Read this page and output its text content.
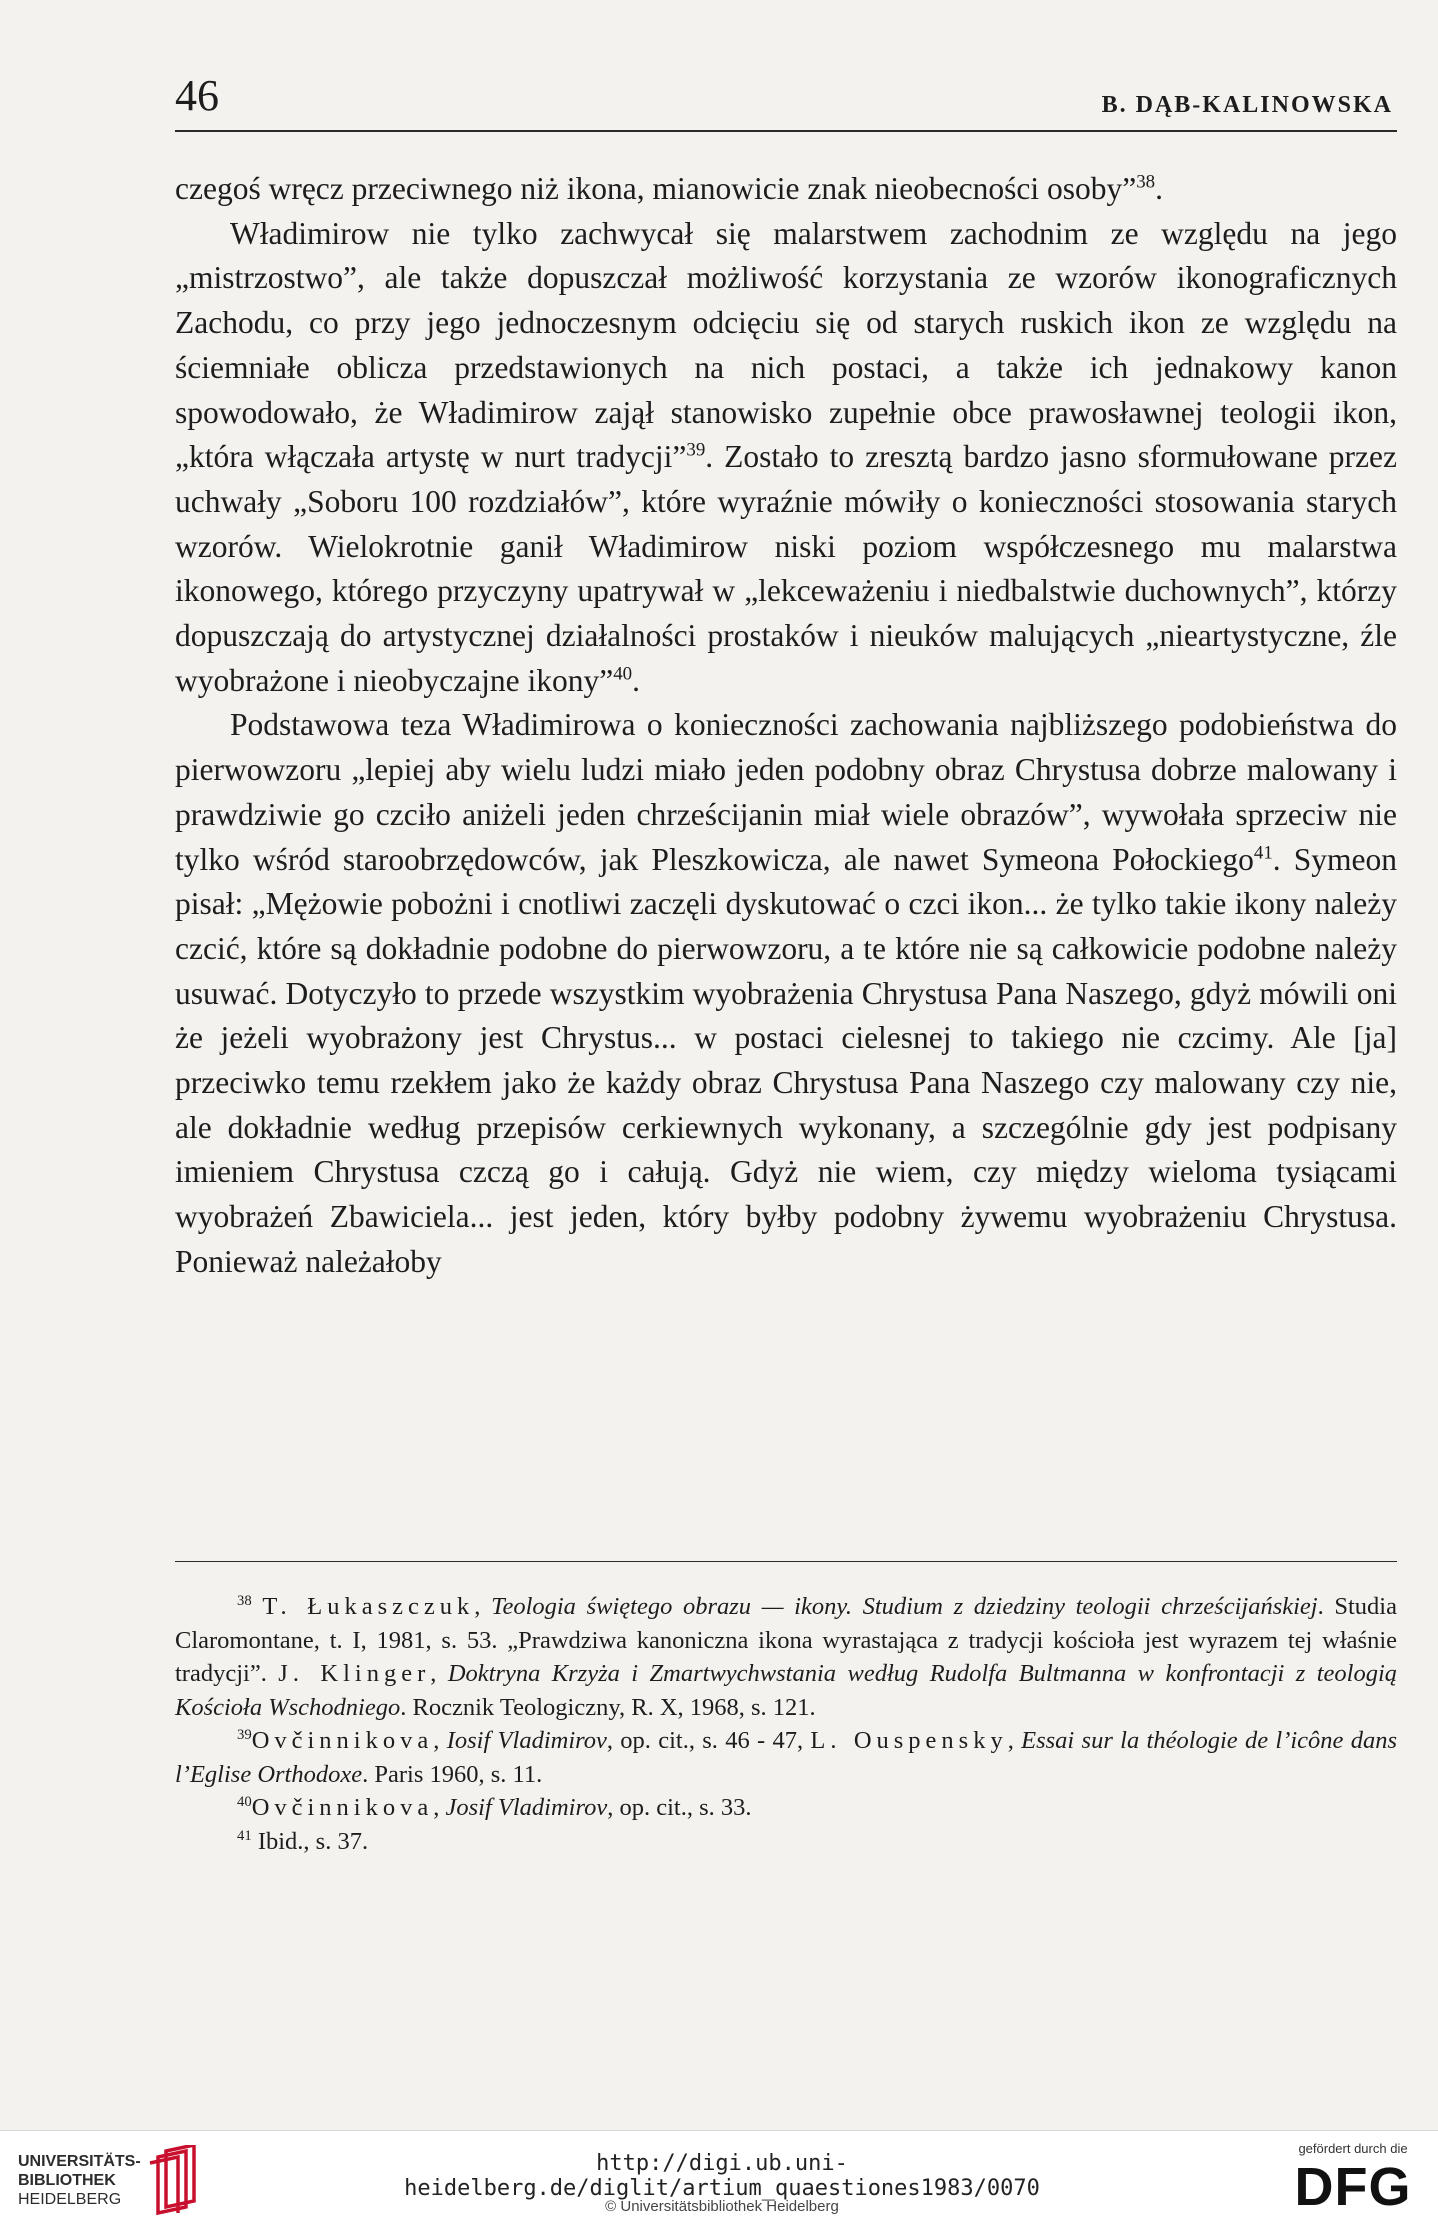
46	B. DĄB-KALINOWSKA

czegoś wręcz przeciwnego niż ikona, mianowicie znak nieobecności osoby”$^{38}$.

Władimirow nie tylko zachwycał się malarstwem zachodnim ze względu na jego „mistrzostwo”, ale także dopuszczał możliwość korzystania ze wzorów ikonograficznych Zachodu, co przy jego jednoczesnym odcięciu się od starych ruskich ikon ze względu na ściemniałe oblicza przedstawionych na nich postaci, a także ich jednakowy kanon spowodowało, że Władimirow zajął stanowisko zupełnie obce prawosławnej teologii ikon, „która włączała artystę w nurt tradycji”$^{39}$. Zostało to zresztą bardzo jasno sformułowane przez uchwały „Soboru 100 rozdziałów”, które wyraźnie mówiły o konieczności stosowania starych wzorów. Wielokrotnie ganił Władimirow niski poziom współczesnego mu malarstwa ikonowego, którego przyczyny upatrywał w „lekceważeniu i niedbalstwie duchownych”, którzy dopuszczają do artystycznej działalności prostaków i nieuków malujących „nieartystyczne, źle wyobrażone i nieobyczajne ikony”$^{40}$.

Podstawowa teza Władimirowa o konieczności zachowania najbliższego podobieństwa do pierwowzoru „lepiej aby wielu ludzi miało jeden podobny obraz Chrystusa dobrze malowany i prawdziwie go czciło aniżeli jeden chrześcijanin miał wiele obrazów”, wywołała sprzeciw nie tylko wśród staroobrzędowców, jak Pleszkowicza, ale nawet Symeona Połockiego$^{41}$. Symeon pisał: „Mężowie pobożni i cnotliwi zaczęli dyskutować o czci ikon... że tylko takie ikony należy czcić, które są dokładnie podobne do pierwowzoru, a te które nie są całkowicie podobne należy usuwać. Dotyczyło to przede wszystkim wyobrażenia Chrystusa Pana Naszego, gdyż mówili oni że jeżeli wyobrażony jest Chrystus... w postaci cielesnej to takiego nie czcimy. Ale [ja] przeciwko temu rzekłem jako że każdy obraz Chrystusa Pana Naszego czy malowany czy nie, ale dokładnie według przepisów cerkiewnych wykonany, a szczególnie gdy jest podpisany imieniem Chrystusa czczą go i całują. Gdyż nie wiem, czy między wieloma tysiącami wyobrażeń Zbawiciela... jest jeden, który byłby podobny żywemu wyobrażeniu Chrystusa. Ponieważ należałoby

$^{38}$ T. Łukaszczuk, Teologia świętego obrazu — ikony. Studium z dziedziny teologii chrześcijańskiej. Studia Claromontane, t. I, 1981, s. 53. „Prawdziwa kanoniczna ikona wyrastająca z tradycji kościoła jest wyrazem tej właśnie tradycji”. J. Klinger, Doktryna Krzyża i Zmartwychwstania według Rudolfa Bultmanna w konfrontacji z teologią Kościoła Wschodniego. Rocznik Teologiczny, R. X, 1968, s. 121.

$^{39}$Ovčinnikova, Iosif Vladimirov, op. cit., s. 46 - 47, L. Ouspensky, Essai sur la théologie de l’icône dans l’Eglise Orthodoxe. Paris 1960, s. 11.

$^{40}$Ovčinnikova, Josif Vladimirov, op. cit., s. 33.

$^{41}$ Ibid., s. 37.

UNIVERSITÄTS-
BIBLIOTHEK
HEIDELBERG
http://digi.ub.uni-heidelberg.de/diglit/artium_quaestiones1983/0070
© Universitätsbibliothek Heidelberg
gefördert durch die
DFG
